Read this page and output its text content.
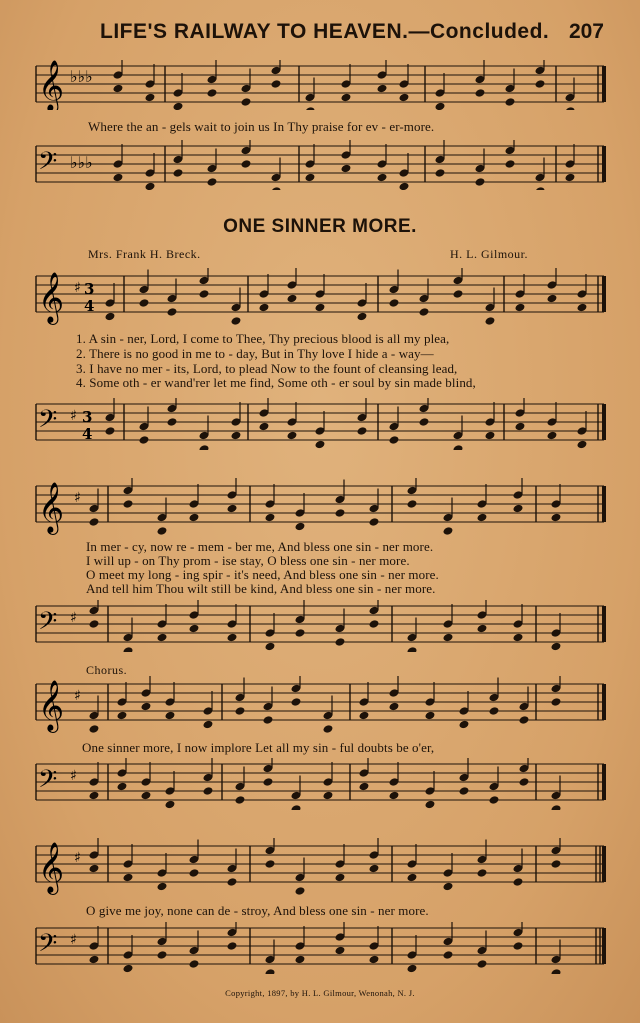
LIFE'S RAILWAY TO HEAVEN.—Concluded. 207
𝄞 ♭♭♭
Where the an - gels wait to join us In Thy praise for ev - er-more.
𝄢 ♭♭♭
ONE SINNER MORE.
Mrs. Frank H. Breck.	H. L. Gilmour.
𝄞 ♯ 3
4
1. A sin - ner, Lord, I come to Thee, Thy precious blood is all my plea,
2. There is no good in me to - day, But in Thy love I hide a - way—
3. I have no mer - its, Lord, to plead Now to the fount of cleansing lead,
4. Some oth - er wand'rer let me find, Some oth - er soul by sin made blind,
𝄢 ♯ 3
4
𝄞 ♯
In mer - cy, now re - mem - ber me, And bless one sin - ner more.
I will up - on Thy prom - ise stay, O bless one sin - ner more.
O meet my long - ing spir - it's need, And bless one sin - ner more.
And tell him Thou wilt still be kind, And bless one sin - ner more.
𝄢 ♯
Chorus.
𝄞 ♯
One sinner more, I now implore Let all my sin - ful doubts be o'er,
𝄢 ♯
𝄞 ♯
O give me joy, none can de - stroy, And bless one sin - ner more.
𝄢 ♯
Copyright, 1897, by H. L. Gilmour, Wenonah, N. J.
